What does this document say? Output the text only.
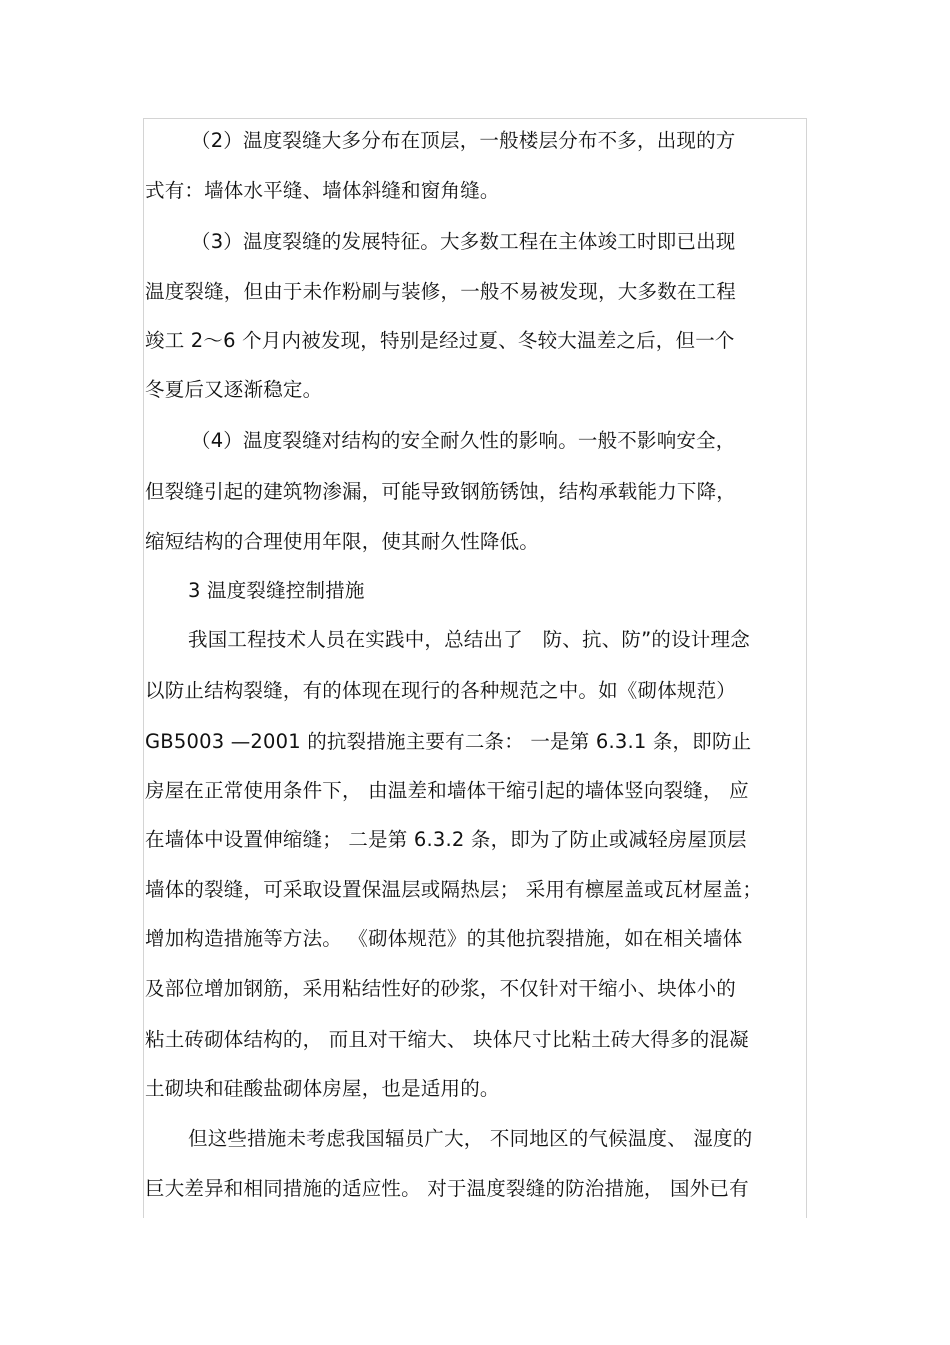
（2）温度裂缝大多分布在顶层，一般楼层分布不多，出现的方
式有：墙体水平缝、墙体斜缝和窗角缝。
（3）温度裂缝的发展特征。大多数工程在主体竣工时即已出现
温度裂缝，但由于未作粉刷与装修，一般不易被发现，大多数在工程
竣工 2～6 个月内被发现，特别是经过夏、冬较大温差之后，但一个
冬夏后又逐渐稳定。
（4）温度裂缝对结构的安全耐久性的影响。一般不影响安全，
但裂缝引起的建筑物渗漏，可能导致钢筋锈蚀，结构承载能力下降，
缩短结构的合理使用年限，使其耐久性降低。
3 温度裂缝控制措施
我国工程技术人员在实践中，总结出了　防、抗、防”的设计理念
以防止结构裂缝，有的体现在现行的各种规范之中。如《砌体规范）
GB5003 —2001 的抗裂措施主要有二条： 一是第 6.3.1 条，即防止
房屋在正常使用条件下， 由温差和墙体干缩引起的墙体竖向裂缝， 应
在墙体中设置伸缩缝； 二是第 6.3.2 条，即为了防止或减轻房屋顶层
墙体的裂缝，可采取设置保温层或隔热层； 采用有檩屋盖或瓦材屋盖；
增加构造措施等方法。 《砌体规范》的其他抗裂措施，如在相关墙体
及部位增加钢筋，采用粘结性好的砂浆，不仅针对干缩小、块体小的
粘土砖砌体结构的， 而且对干缩大、 块体尺寸比粘土砖大得多的混凝
土砌块和硅酸盐砌体房屋，也是适用的。
但这些措施未考虑我国辐员广大， 不同地区的气候温度、 湿度的
巨大差异和相同措施的适应性。 对于温度裂缝的防治措施， 国外已有
